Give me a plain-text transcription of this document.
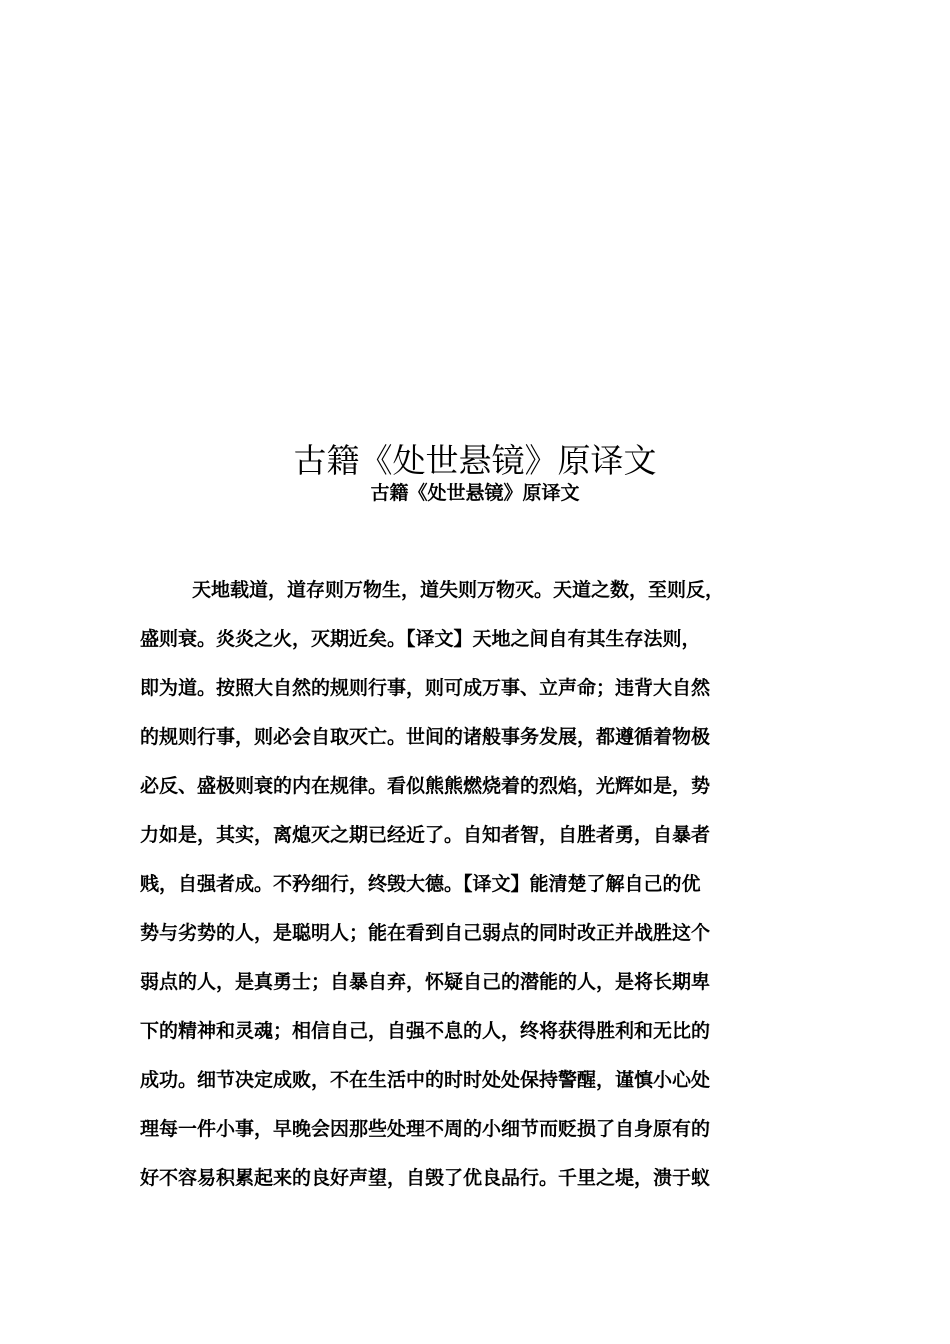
古籍《处世悬镜》原译文
古籍《处世悬镜》原译文
天地载道，道存则万物生，道失则万物灭。天道之数，至则反，
盛则衰。炎炎之火，灭期近矣。【译文】天地之间自有其生存法则，
即为道。按照大自然的规则行事，则可成万事、立声命；违背大自然
的规则行事，则必会自取灭亡。世间的诸般事务发展，都遵循着物极
必反、盛极则衰的内在规律。看似熊熊燃烧着的烈焰，光辉如是，势
力如是，其实，离熄灭之期已经近了。自知者智，自胜者勇，自暴者
贱，自强者成。不矜细行，终毁大德。【译文】能清楚了解自己的优
势与劣势的人，是聪明人；能在看到自己弱点的同时改正并战胜这个
弱点的人，是真勇士；自暴自弃，怀疑自己的潜能的人，是将长期卑
下的精神和灵魂；相信自己，自强不息的人，终将获得胜利和无比的
成功。细节决定成败，不在生活中的时时处处保持警醒，谨慎小心处
理每一件小事，早晚会因那些处理不周的小细节而贬损了自身原有的
好不容易积累起来的良好声望，自毁了优良品行。千里之堤，溃于蚁
